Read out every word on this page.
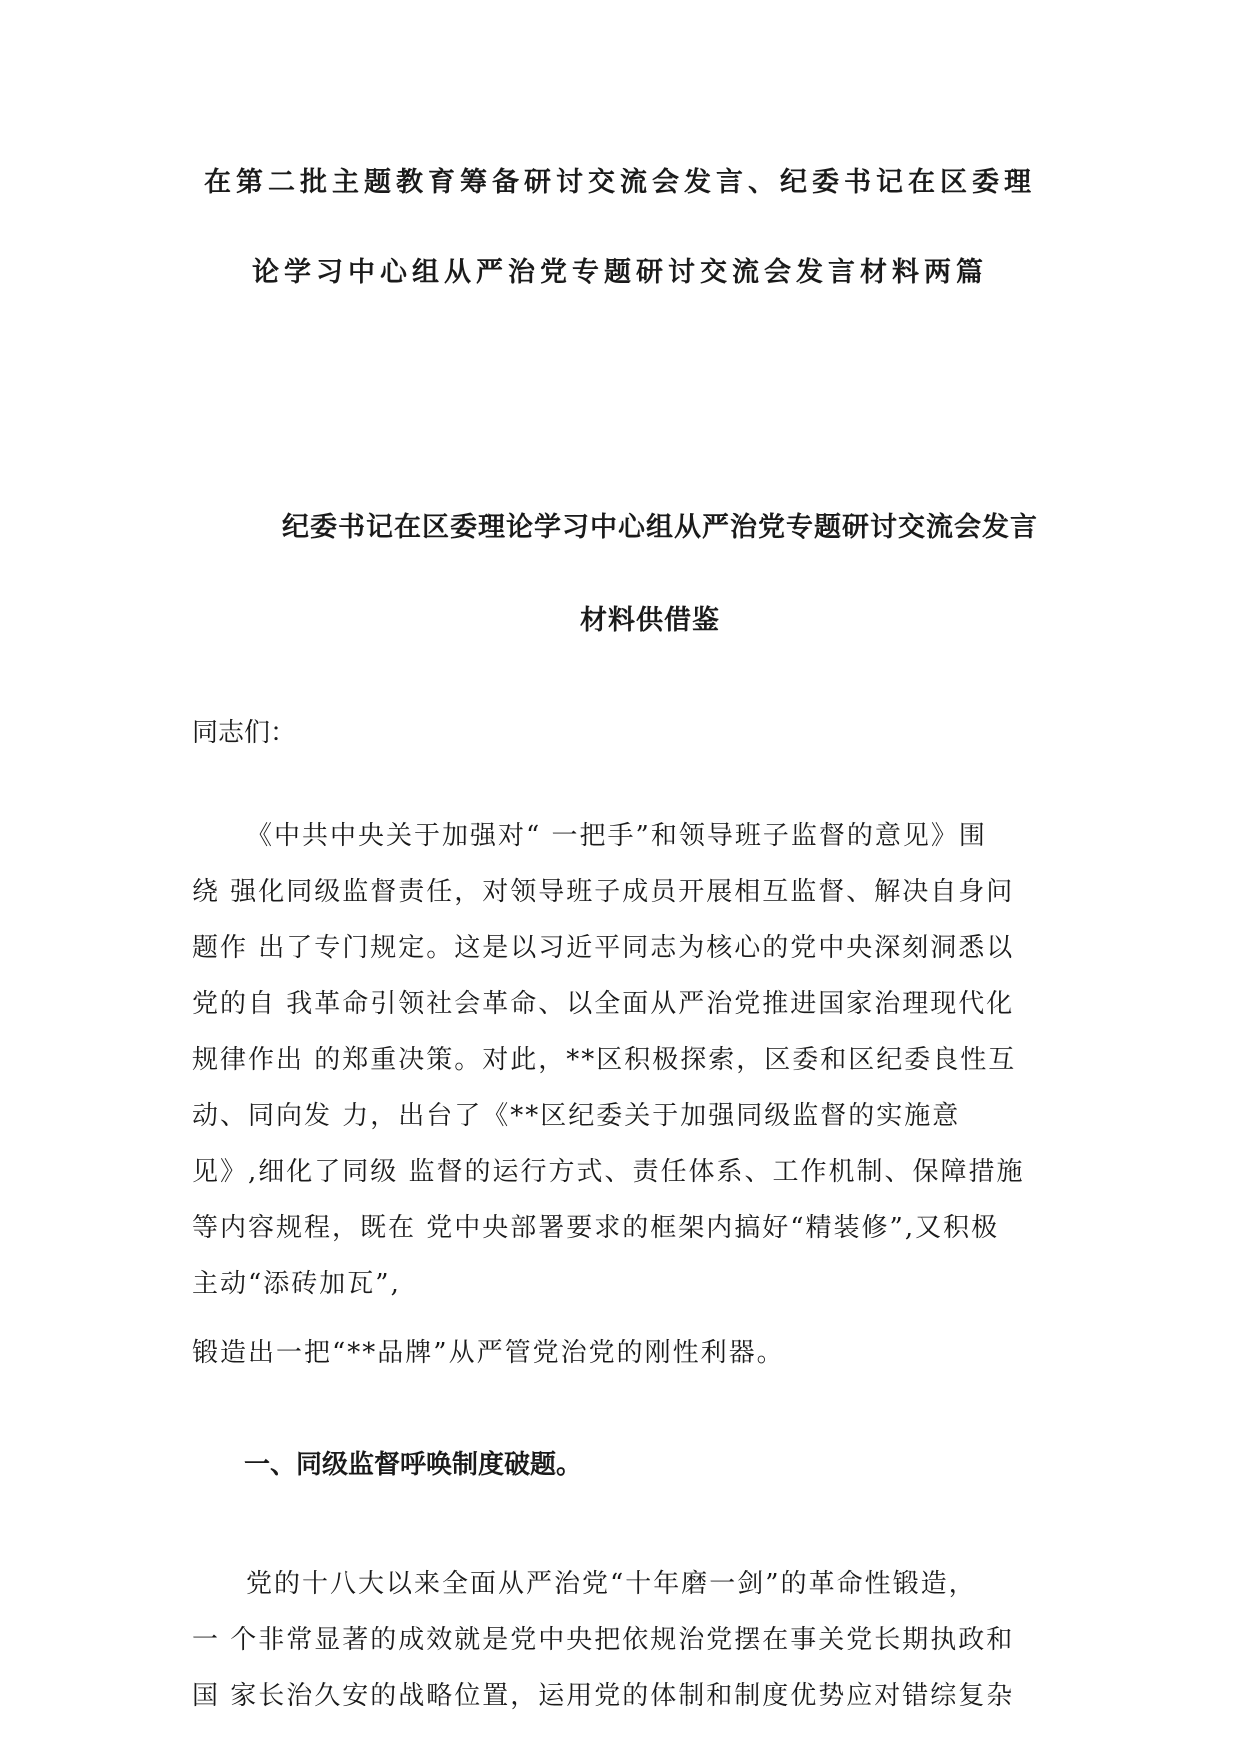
在第二批主题教育筹备研讨交流会发言、纪委书记在区委理
论学习中心组从严治党专题研讨交流会发言材料两篇
纪委书记在区委理论学习中心组从严治党专题研讨交流会发言
材料供借鉴
同志们：
《中共中央关于加强对“ 一把手”和领导班子监督的意见》围
绕 强化同级监督责任，对领导班子成员开展相互监督、解决自身问
题作 出了专门规定。这是以习近平同志为核心的党中央深刻洞悉以
党的自 我革命引领社会革命、以全面从严治党推进国家治理现代化
规律作出 的郑重决策。对此，**区积极探索，区委和区纪委良性互
动、同向发 力，出台了《**区纪委关于加强同级监督的实施意
见》,细化了同级 监督的运行方式、责任体系、工作机制、保障措施
等内容规程，既在 党中央部署要求的框架内搞好“精装修”,又积极
主动“添砖加瓦”,
锻造出一把“**品牌”从严管党治党的刚性利器。
一、同级监督呼唤制度破题。
党的十八大以来全面从严治党“十年磨一剑”的革命性锻造，
一 个非常显著的成效就是党中央把依规治党摆在事关党长期执政和
国 家长治久安的战略位置，运用党的体制和制度优势应对错综复杂
